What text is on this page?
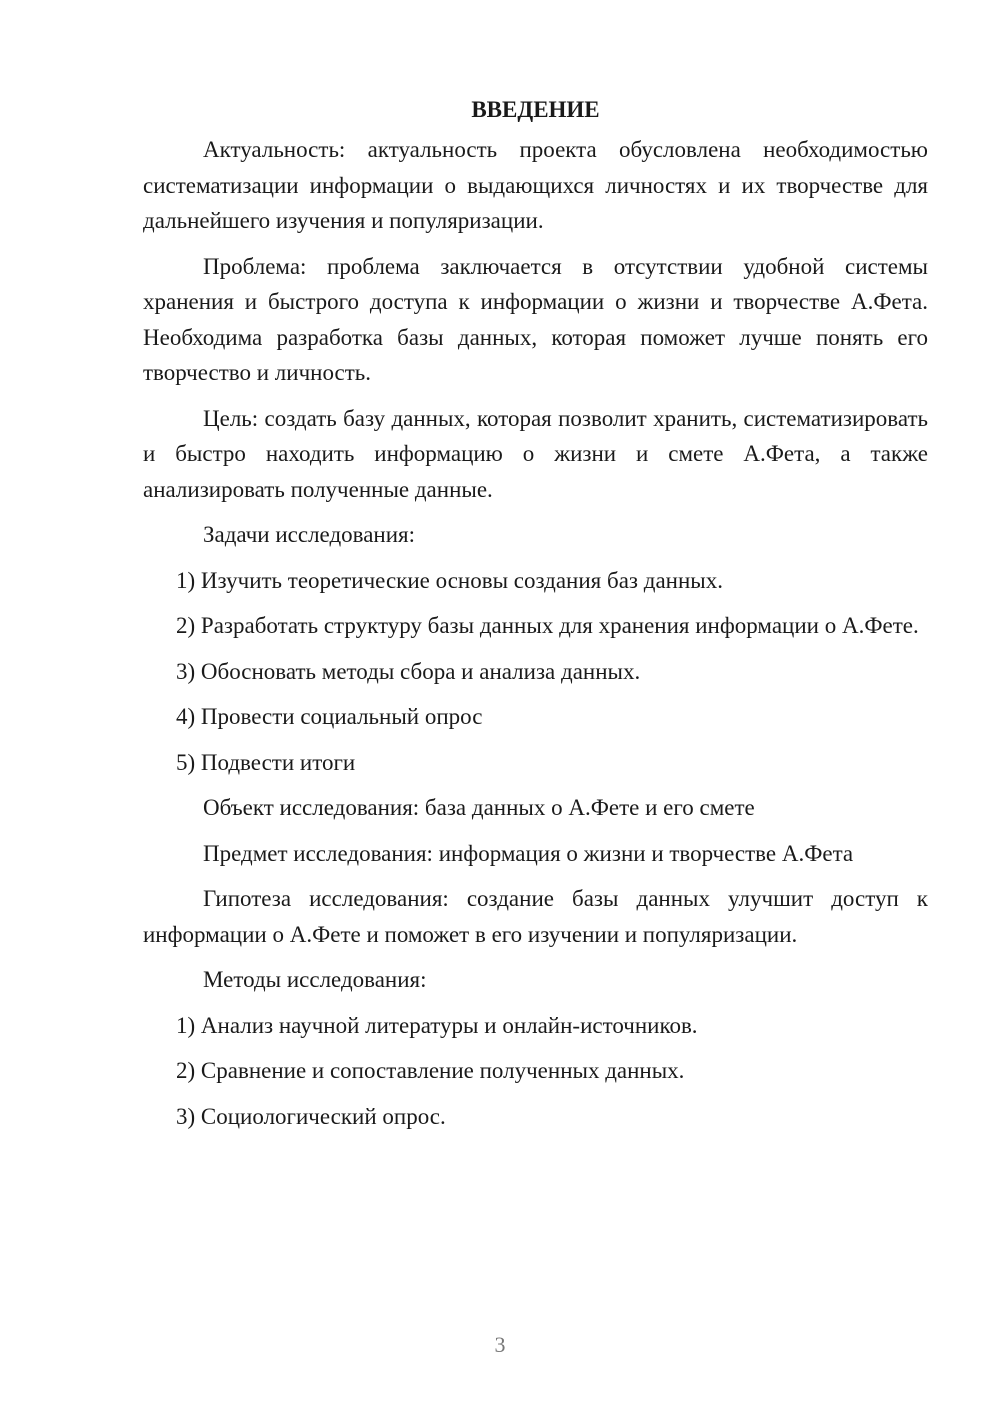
ВВЕДЕНИЕ

Актуальность: актуальность проекта обусловлена необходимостью систематизации информации о выдающихся личностях и их творчестве для дальнейшего изучения и популяризации.

Проблема: проблема заключается в отсутствии удобной системы хранения и быстрого доступа к информации о жизни и творчестве А.Фета. Необходима разработка базы данных, которая поможет лучше понять его творчество и личность.

Цель: создать базу данных, которая позволит хранить, систематизировать и быстро находить информацию о жизни и смете А.Фета, а также анализировать полученные данные.

Задачи исследования:

1) Изучить теоретические основы создания баз данных.

2) Разработать структуру базы данных для хранения информации о А.Фете.

3) Обосновать методы сбора и анализа данных.

4) Провести социальный опрос

5) Подвести итоги

Объект исследования: база данных о А.Фете и его смете

Предмет исследования: информация о жизни и творчестве А.Фета

Гипотеза исследования: создание базы данных улучшит доступ к информации о А.Фете и поможет в его изучении и популяризации.

Методы исследования:

1) Анализ научной литературы и онлайн-источников.

2) Сравнение и сопоставление полученных данных.

3) Социологический опрос.

3
